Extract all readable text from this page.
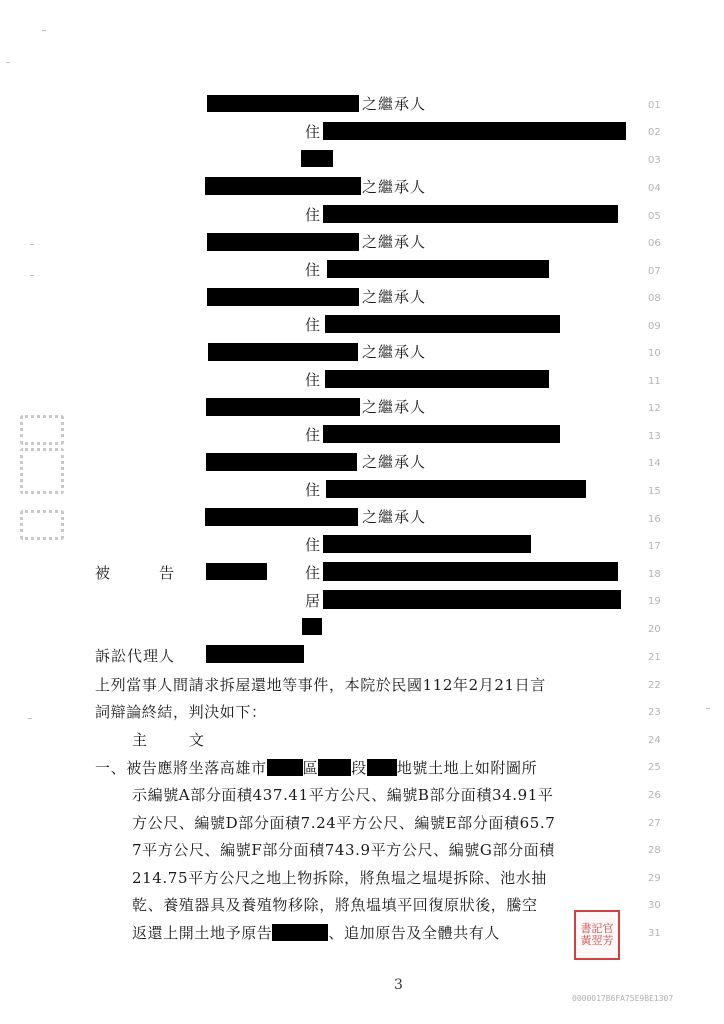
01
02
03
04
05
06
07
08
09
10
11
12
13
14
15
16
17
18
19
20
21
22
23
24
25
26
27
28
29
30
31
之繼承人
住
之繼承人
住
之繼承人
住
之繼承人
住
之繼承人
住
之繼承人
住
之繼承人
住
之繼承人
住
被　　　告	住
居
訴訟代理人
上列當事人間請求拆屋還地等事件，本院於民國112年2月21日言
詞辯論終結，判決如下：
主　　文
一、被告應將坐落高雄市 區 段 地號土地上如附圖所
示編號A部分面積437.41平方公尺、編號B部分面積34.91平
方公尺、編號D部分面積7.24平方公尺、編號E部分面積65.7
7平方公尺、編號F部分面積743.9平方公尺、編號G部分面積
214.75平方公尺之地上物拆除，將魚塭之塭堤拆除、池水抽
乾、養殖器具及養殖物移除，將魚塭填平回復原狀後，騰空
返還上開土地予原告	、追加原告及全體共有人	書記官黃翌芳
3
0000017B6FA75E9BE1307
